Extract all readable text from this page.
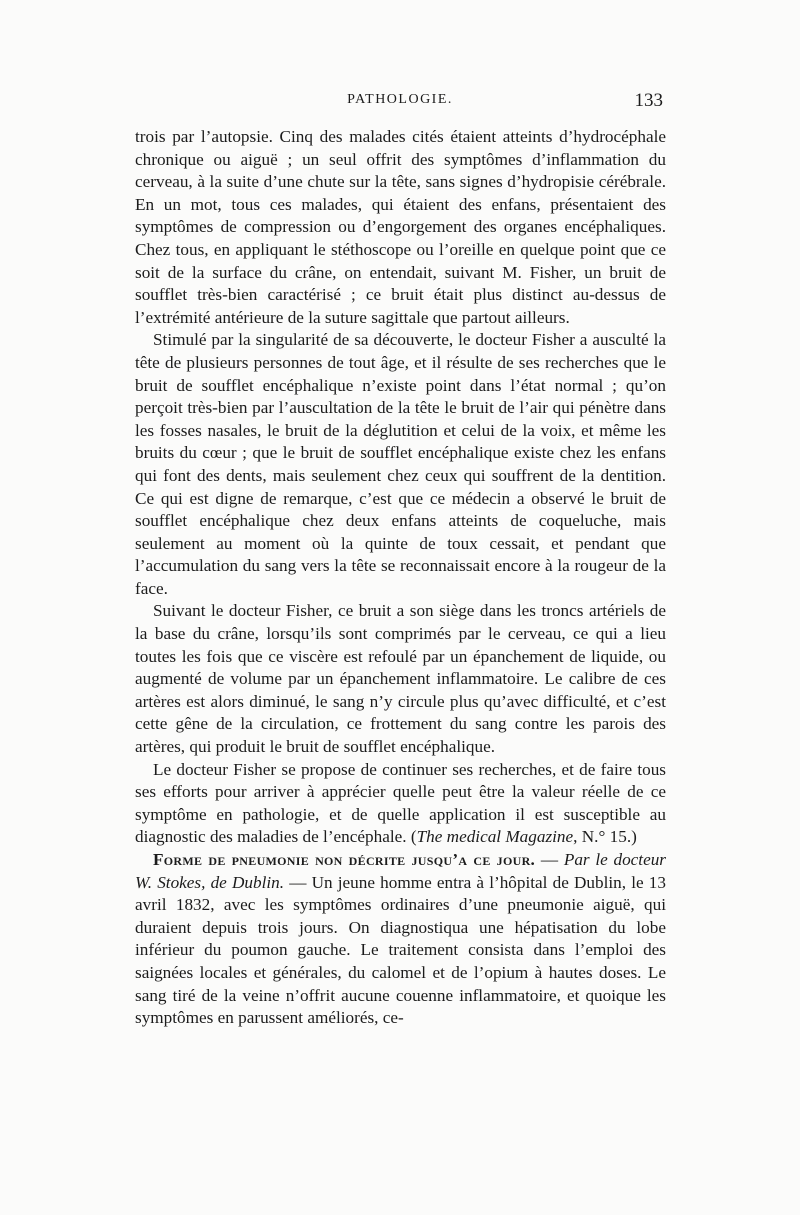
PATHOLOGIE.	133

trois par l’autopsie. Cinq des malades cités étaient atteints d’hydrocéphale chronique ou aiguë ; un seul offrit des symptômes d’inflammation du cerveau, à la suite d’une chute sur la tête, sans signes d’hydropisie cérébrale. En un mot, tous ces malades, qui étaient des enfans, présentaient des symptômes de compression ou d’engorgement des organes encéphaliques. Chez tous, en appliquant le stéthoscope ou l’oreille en quelque point que ce soit de la surface du crâne, on entendait, suivant M. Fisher, un bruit de soufflet très-bien caractérisé ; ce bruit était plus distinct au-dessus de l’extrémité antérieure de la suture sagittale que partout ailleurs.

Stimulé par la singularité de sa découverte, le docteur Fisher a ausculté la tête de plusieurs personnes de tout âge, et il résulte de ses recherches que le bruit de soufflet encéphalique n’existe point dans l’état normal ; qu’on perçoit très-bien par l’auscultation de la tête le bruit de l’air qui pénètre dans les fosses nasales, le bruit de la déglutition et celui de la voix, et même les bruits du cœur ; que le bruit de soufflet encéphalique existe chez les enfans qui font des dents, mais seulement chez ceux qui souffrent de la dentition. Ce qui est digne de remarque, c’est que ce médecin a observé le bruit de soufflet encéphalique chez deux enfans atteints de coqueluche, mais seulement au moment où la quinte de toux cessait, et pendant que l’accumulation du sang vers la tête se reconnaissait encore à la rougeur de la face.

Suivant le docteur Fisher, ce bruit a son siège dans les troncs artériels de la base du crâne, lorsqu’ils sont comprimés par le cerveau, ce qui a lieu toutes les fois que ce viscère est refoulé par un épanchement de liquide, ou augmenté de volume par un épanchement inflammatoire. Le calibre de ces artères est alors diminué, le sang n’y circule plus qu’avec difficulté, et c’est cette gêne de la circulation, ce frottement du sang contre les parois des artères, qui produit le bruit de soufflet encéphalique.

Le docteur Fisher se propose de continuer ses recherches, et de faire tous ses efforts pour arriver à apprécier quelle peut être la valeur réelle de ce symptôme en pathologie, et de quelle application il est susceptible au diagnostic des maladies de l’encéphale. (The medical Magazine, N.° 15.)

Forme de pneumonie non décrite jusqu’a ce jour. — Par le docteur W. Stokes, de Dublin. — Un jeune homme entra à l’hôpital de Dublin, le 13 avril 1832, avec les symptômes ordinaires d’une pneumonie aiguë, qui duraient depuis trois jours. On diagnostiqua une hépatisation du lobe inférieur du poumon gauche. Le traitement consista dans l’emploi des saignées locales et générales, du calomel et de l’opium à hautes doses. Le sang tiré de la veine n’offrit aucune couenne inflammatoire, et quoique les symptômes en parussent améliorés, ce-
